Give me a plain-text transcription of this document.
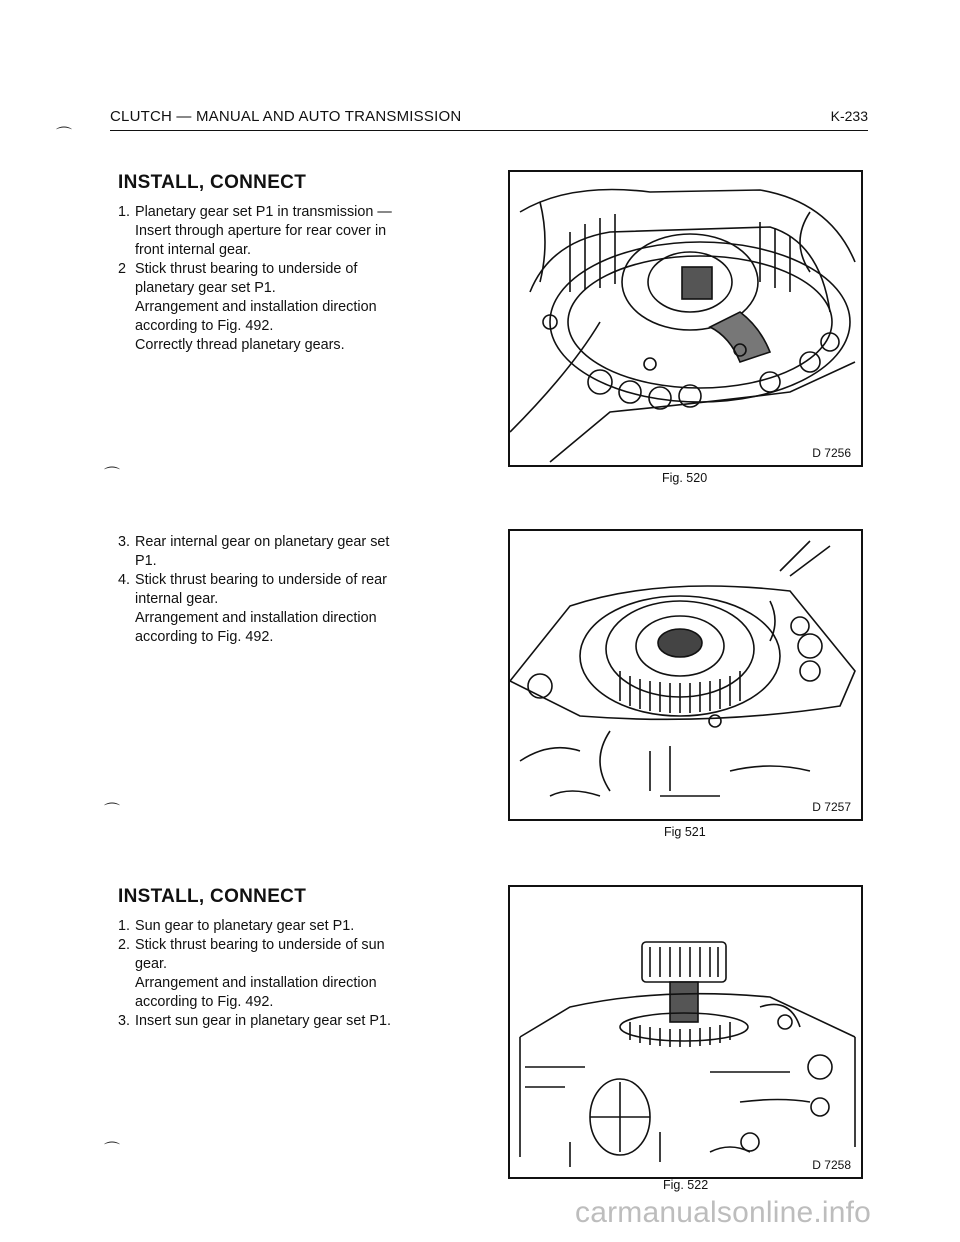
CLUTCH — MANUAL AND AUTO TRANSMISSION	K-233
⌒
⌒
⌒
⌒
INSTALL, CONNECT
1. Planetary gear set P1 in transmission —
Insert through aperture for rear cover in
front internal gear.
2 Stick thrust bearing to underside of
planetary gear set P1.
Arrangement and installation direction
according to Fig. 492.
Correctly thread planetary gears.
3. Rear internal gear on planetary gear set
P1.
4. Stick thrust bearing to underside of rear
internal gear.
Arrangement and installation direction
according to Fig. 492.
INSTALL, CONNECT
1. Sun gear to planetary gear set P1.
2. Stick thrust bearing to underside of sun
gear.
Arrangement and installation direction
according to Fig. 492.
3. Insert sun gear in planetary gear set P1.
D 7256
Fig. 520
D 7257
Fig 521
D 7258
Fig. 522
carmanualsonline.info
